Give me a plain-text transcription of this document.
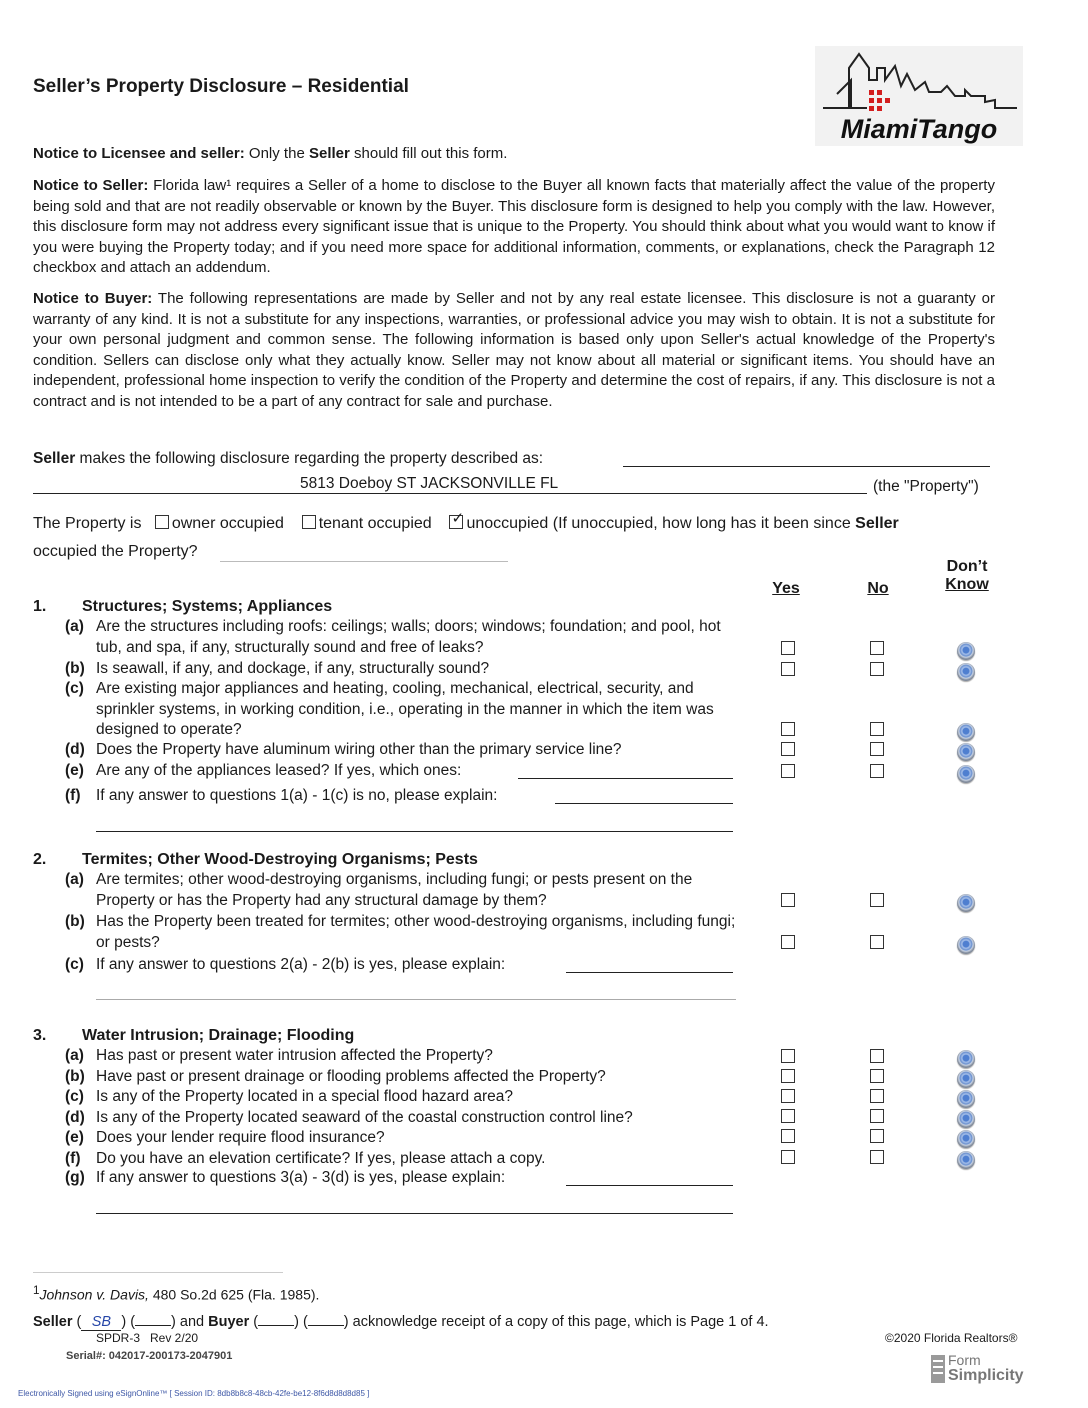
Seller’s Property Disclosure – Residential
MiamiTango
Notice to Licensee and seller: Only the Seller should fill out this form.
Notice to Seller: Florida law¹ requires a Seller of a home to disclose to the Buyer all known facts that materially affect the value of the property being sold and that are not readily observable or known by the Buyer. This disclosure form is designed to help you comply with the law. However, this disclosure form may not address every significant issue that is unique to the Property. You should think about what you would want to know if you were buying the Property today; and if you need more space for additional information, comments, or explanations, check the Paragraph 12 checkbox and attach an addendum.
Notice to Buyer: The following representations are made by Seller and not by any real estate licensee. This disclosure is not a guaranty or warranty of any kind. It is not a substitute for any inspections, warranties, or professional advice you may wish to obtain. It is not a substitute for your own personal judgment and common sense. The following information is based only upon Seller's actual knowledge of the Property's condition. Sellers can disclose only what they actually know. Seller may not know about all material or significant items. You should have an independent, professional home inspection to verify the condition of the Property and determine the cost of repairs, if any. This disclosure is not a contract and is not intended to be a part of any contract for sale and purchase.
Seller makes the following disclosure regarding the property described as:
5813 Doeboy ST JACKSONVILLE FL	(the "Property")
The Property is owner occupied tenant occupied ✓ unoccupied (If unoccupied, how long has it been since Seller
occupied the Property?
Yes	No
Don’t
Know
1. Structures; Systems; Appliances
(a) Are the structures including roofs: ceilings; walls; doors; windows; foundation; and pool, hot tub, and spa, if any, structurally sound and free of leaks?
(b) Is seawall, if any, and dockage, if any, structurally sound?
(c) Are existing major appliances and heating, cooling, mechanical, electrical, security, and sprinkler systems, in working condition, i.e., operating in the manner in which the item was designed to operate?
(d) Does the Property have aluminum wiring other than the primary service line?
(e) Are any of the appliances leased? If yes, which ones:
(f) If any answer to questions 1(a) - 1(c) is no, please explain:
2. Termites; Other Wood-Destroying Organisms; Pests
(a) Are termites; other wood-destroying organisms, including fungi; or pests present on the Property or has the Property had any structural damage by them?
(b) Has the Property been treated for termites; other wood-destroying organisms, including fungi; or pests?
(c) If any answer to questions 2(a) - 2(b) is yes, please explain:
3. Water Intrusion; Drainage; Flooding
(a) Has past or present water intrusion affected the Property?
(b) Have past or present drainage or flooding problems affected the Property?
(c) Is any of the Property located in a special flood hazard area?
(d) Is any of the Property located seaward of the coastal construction control line?
(e) Does your lender require flood insurance?
(f) Do you have an elevation certificate? If yes, please attach a copy.
(g) If any answer to questions 3(a) - 3(d) is yes, please explain:
$^1$Johnson v. Davis, 480 So.2d 625 (Fla. 1985).
Seller ( SB ) ( ) and Buyer ( ) ( ) acknowledge receipt of a copy of this page, which is Page 1 of 4.
SPDR-3   Rev 2/20	©2020 Florida Realtors®
Serial#: 042017-200173-2047901	Form
Simplicity
Electronically Signed using eSignOnline™ [ Session ID: 8db8b8c8-48cb-42fe-be12-8f6d8d8d8d85 ]
